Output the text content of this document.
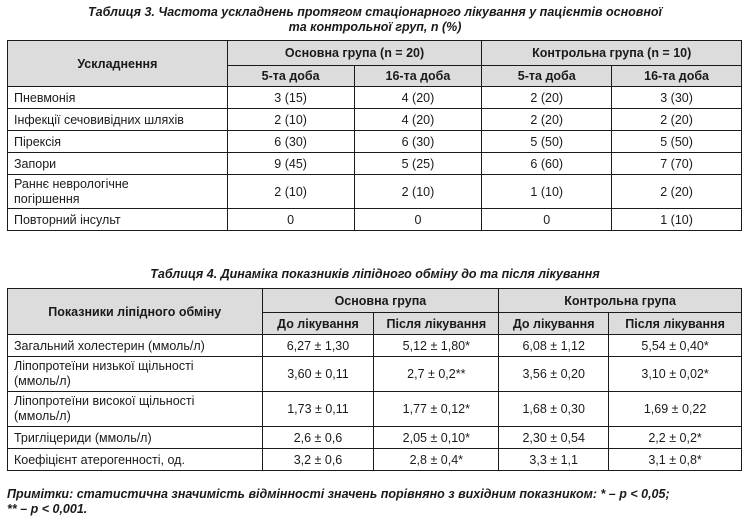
Таблиця 3. Частота ускладнень протягом стаціонарного лікування у пацієнтів основної
та контрольної груп, n (%)
Ускладнення	Основна група (n = 20)		Контрольна група (n = 10)	
	5-та доба	16-та доба	5-та доба	16-та доба
Пневмонія	3 (15)	4 (20)	2 (20)	3 (30)
Інфекції сечовивідних шляхів	2 (10)	4 (20)	2 (20)	2 (20)
Пірексія	6 (30)	6 (30)	5 (50)	5 (50)
Запори	9 (45)	5 (25)	6 (60)	7 (70)
Раннє неврологічне
погіршення	2 (10)	2 (10)	1 (10)	2 (20)
Повторний інсульт	0	0	0	1 (10)
Таблиця 4. Динаміка показників ліпідного обміну до та після лікування
Показники ліпідного обміну	Основна група		Контрольна група	
	До лікування	Після лікування	До лікування	Після лікування
Загальний холестерин (ммоль/л)	6,27 ± 1,30	5,12 ± 1,80*	6,08 ± 1,12	5,54 ± 0,40*
Ліпопротеїни низької щільності
(ммоль/л)	3,60 ± 0,11	2,7 ± 0,2**	3,56 ± 0,20	3,10 ± 0,02*
Ліпопротеїни високої щільності
(ммоль/л)	1,73 ± 0,11	1,77 ± 0,12*	1,68 ± 0,30	1,69 ± 0,22
Тригліцериди (ммоль/л)	2,6 ± 0,6	2,05 ± 0,10*	2,30 ± 0,54	2,2 ± 0,2*
Коефіцієнт атерогенності, од.	3,2 ± 0,6	2,8 ± 0,4*	3,3 ± 1,1	3,1 ± 0,8*
Примітки: статистична значимість відмінності значень порівняно з вихідним показником: * – р < 0,05;
** – р < 0,001.
